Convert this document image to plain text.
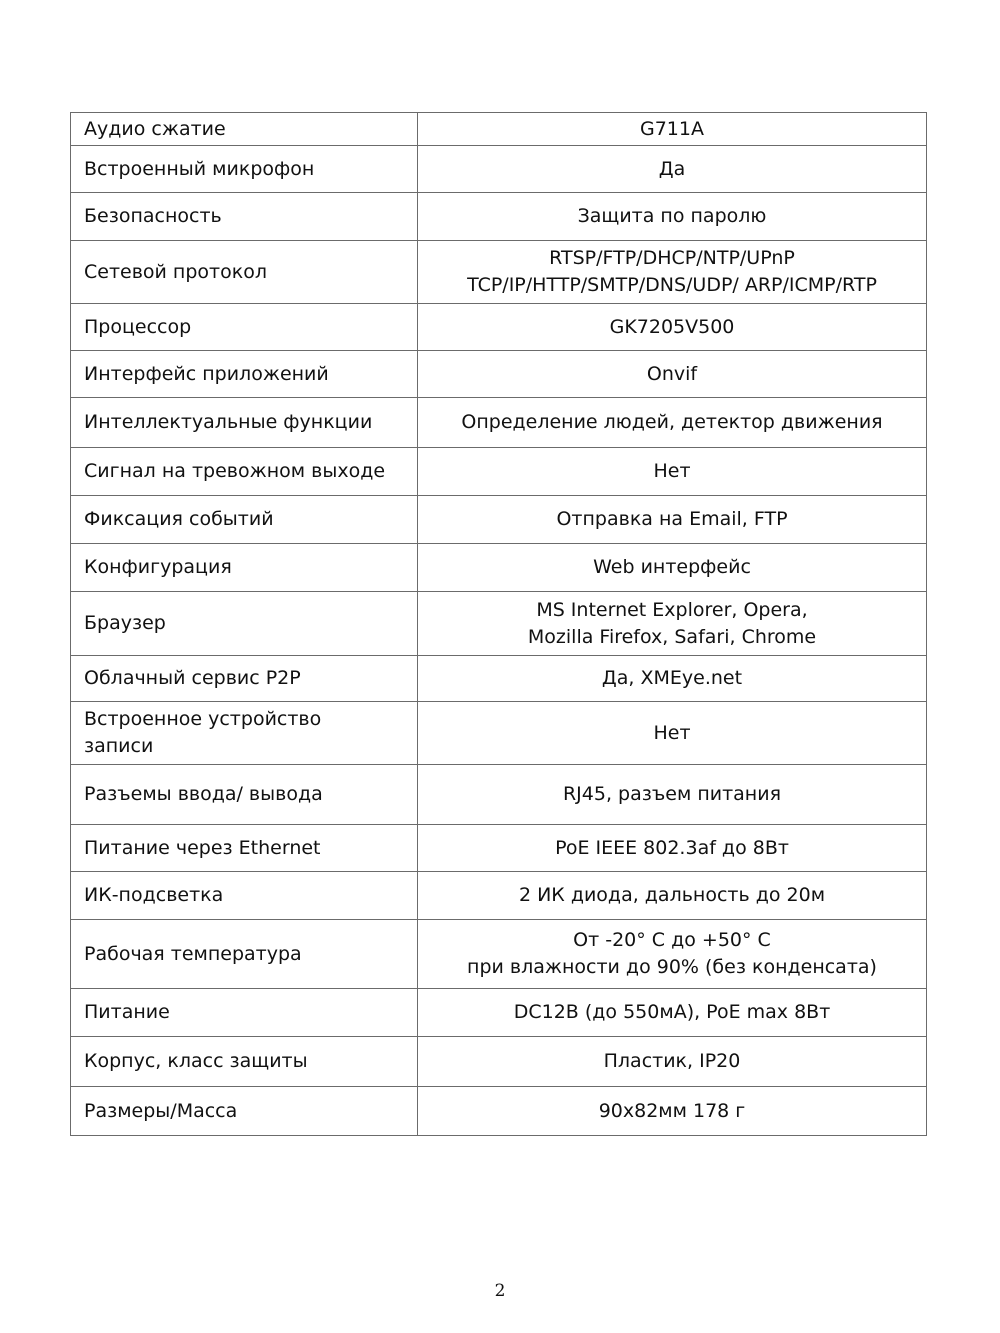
Аудио сжатие	G711A
Встроенный микрофон	Да
Безопасность	Защита по паролю
Сетевой протокол	RTSP/FTP/DHCP/NTP/UPnP
TCP/IP/HTTP/SMTP/DNS/UDP/ ARP/ICMP/RTP
Процессор	GK7205V500
Интерфейс приложений	Onvif
Интеллектуальные функции	Определение людей, детектор движения
Сигнал на тревожном выходе	Нет
Фиксация событий	Отправка на Email, FTP
Конфигурация	Web интерфейс
Браузер	MS Internet Explorer, Opera,
Mozilla Firefox, Safari, Chrome
Облачный сервис P2P	Да, XMEye.net
Встроенное устройство
записи	Нет
Разъемы ввода/ вывода	RJ45, разъем питания
Питание через Ethernet	PoE IEEE 802.3af до 8Вт
ИК-подсветка	2 ИК диода, дальность до 20м
Рабочая температура	От -20° С до +50° С
при влажности до 90% (без конденсата)
Питание	DC12В (до 550мА), PoE max 8Вт
Корпус, класс защиты	Пластик, IP20
Размеры/Масса	90x82мм 178 г
2
